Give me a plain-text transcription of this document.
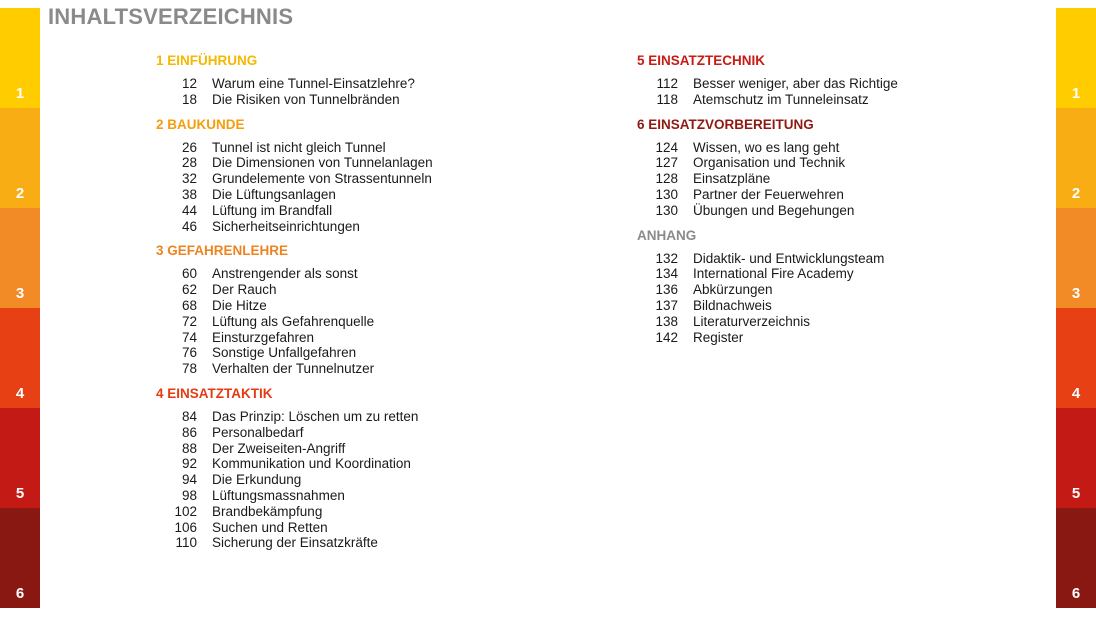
1
2
3
4
5
6
1
2
3
4
5
6
INHALTSVERZEICHNIS
1 EINFÜHRUNG
12	Warum eine Tunnel-Einsatzlehre?
18	Die Risiken von Tunnelbränden
2 BAUKUNDE
26	Tunnel ist nicht gleich Tunnel
28	Die Dimensionen von Tunnelanlagen
32	Grundelemente von Strassentunneln
38	Die Lüftungsanlagen
44	Lüftung im Brandfall
46	Sicherheitseinrichtungen
3 GEFAHRENLEHRE
60	Anstrengender als sonst
62	Der Rauch
68	Die Hitze
72	Lüftung als Gefahrenquelle
74	Einsturzgefahren
76	Sonstige Unfallgefahren
78	Verhalten der Tunnelnutzer
4 EINSATZTAKTIK
84	Das Prinzip: Löschen um zu retten
86	Personalbedarf
88	Der Zweiseiten-Angriff
92	Kommunikation und Koordination
94	Die Erkundung
98	Lüftungsmassnahmen
102	Brandbekämpfung
106	Suchen und Retten
110	Sicherung der Einsatzkräfte
5 EINSATZTECHNIK
112	Besser weniger, aber das Richtige
118	Atemschutz im Tunneleinsatz
6 EINSATZVORBEREITUNG
124	Wissen, wo es lang geht
127	Organisation und Technik
128	Einsatzpläne
130	Partner der Feuerwehren
130	Übungen und Begehungen
ANHANG
132	Didaktik- und Entwicklungsteam
134	International Fire Academy
136	Abkürzungen
137	Bildnachweis
138	Literaturverzeichnis
142	Register
